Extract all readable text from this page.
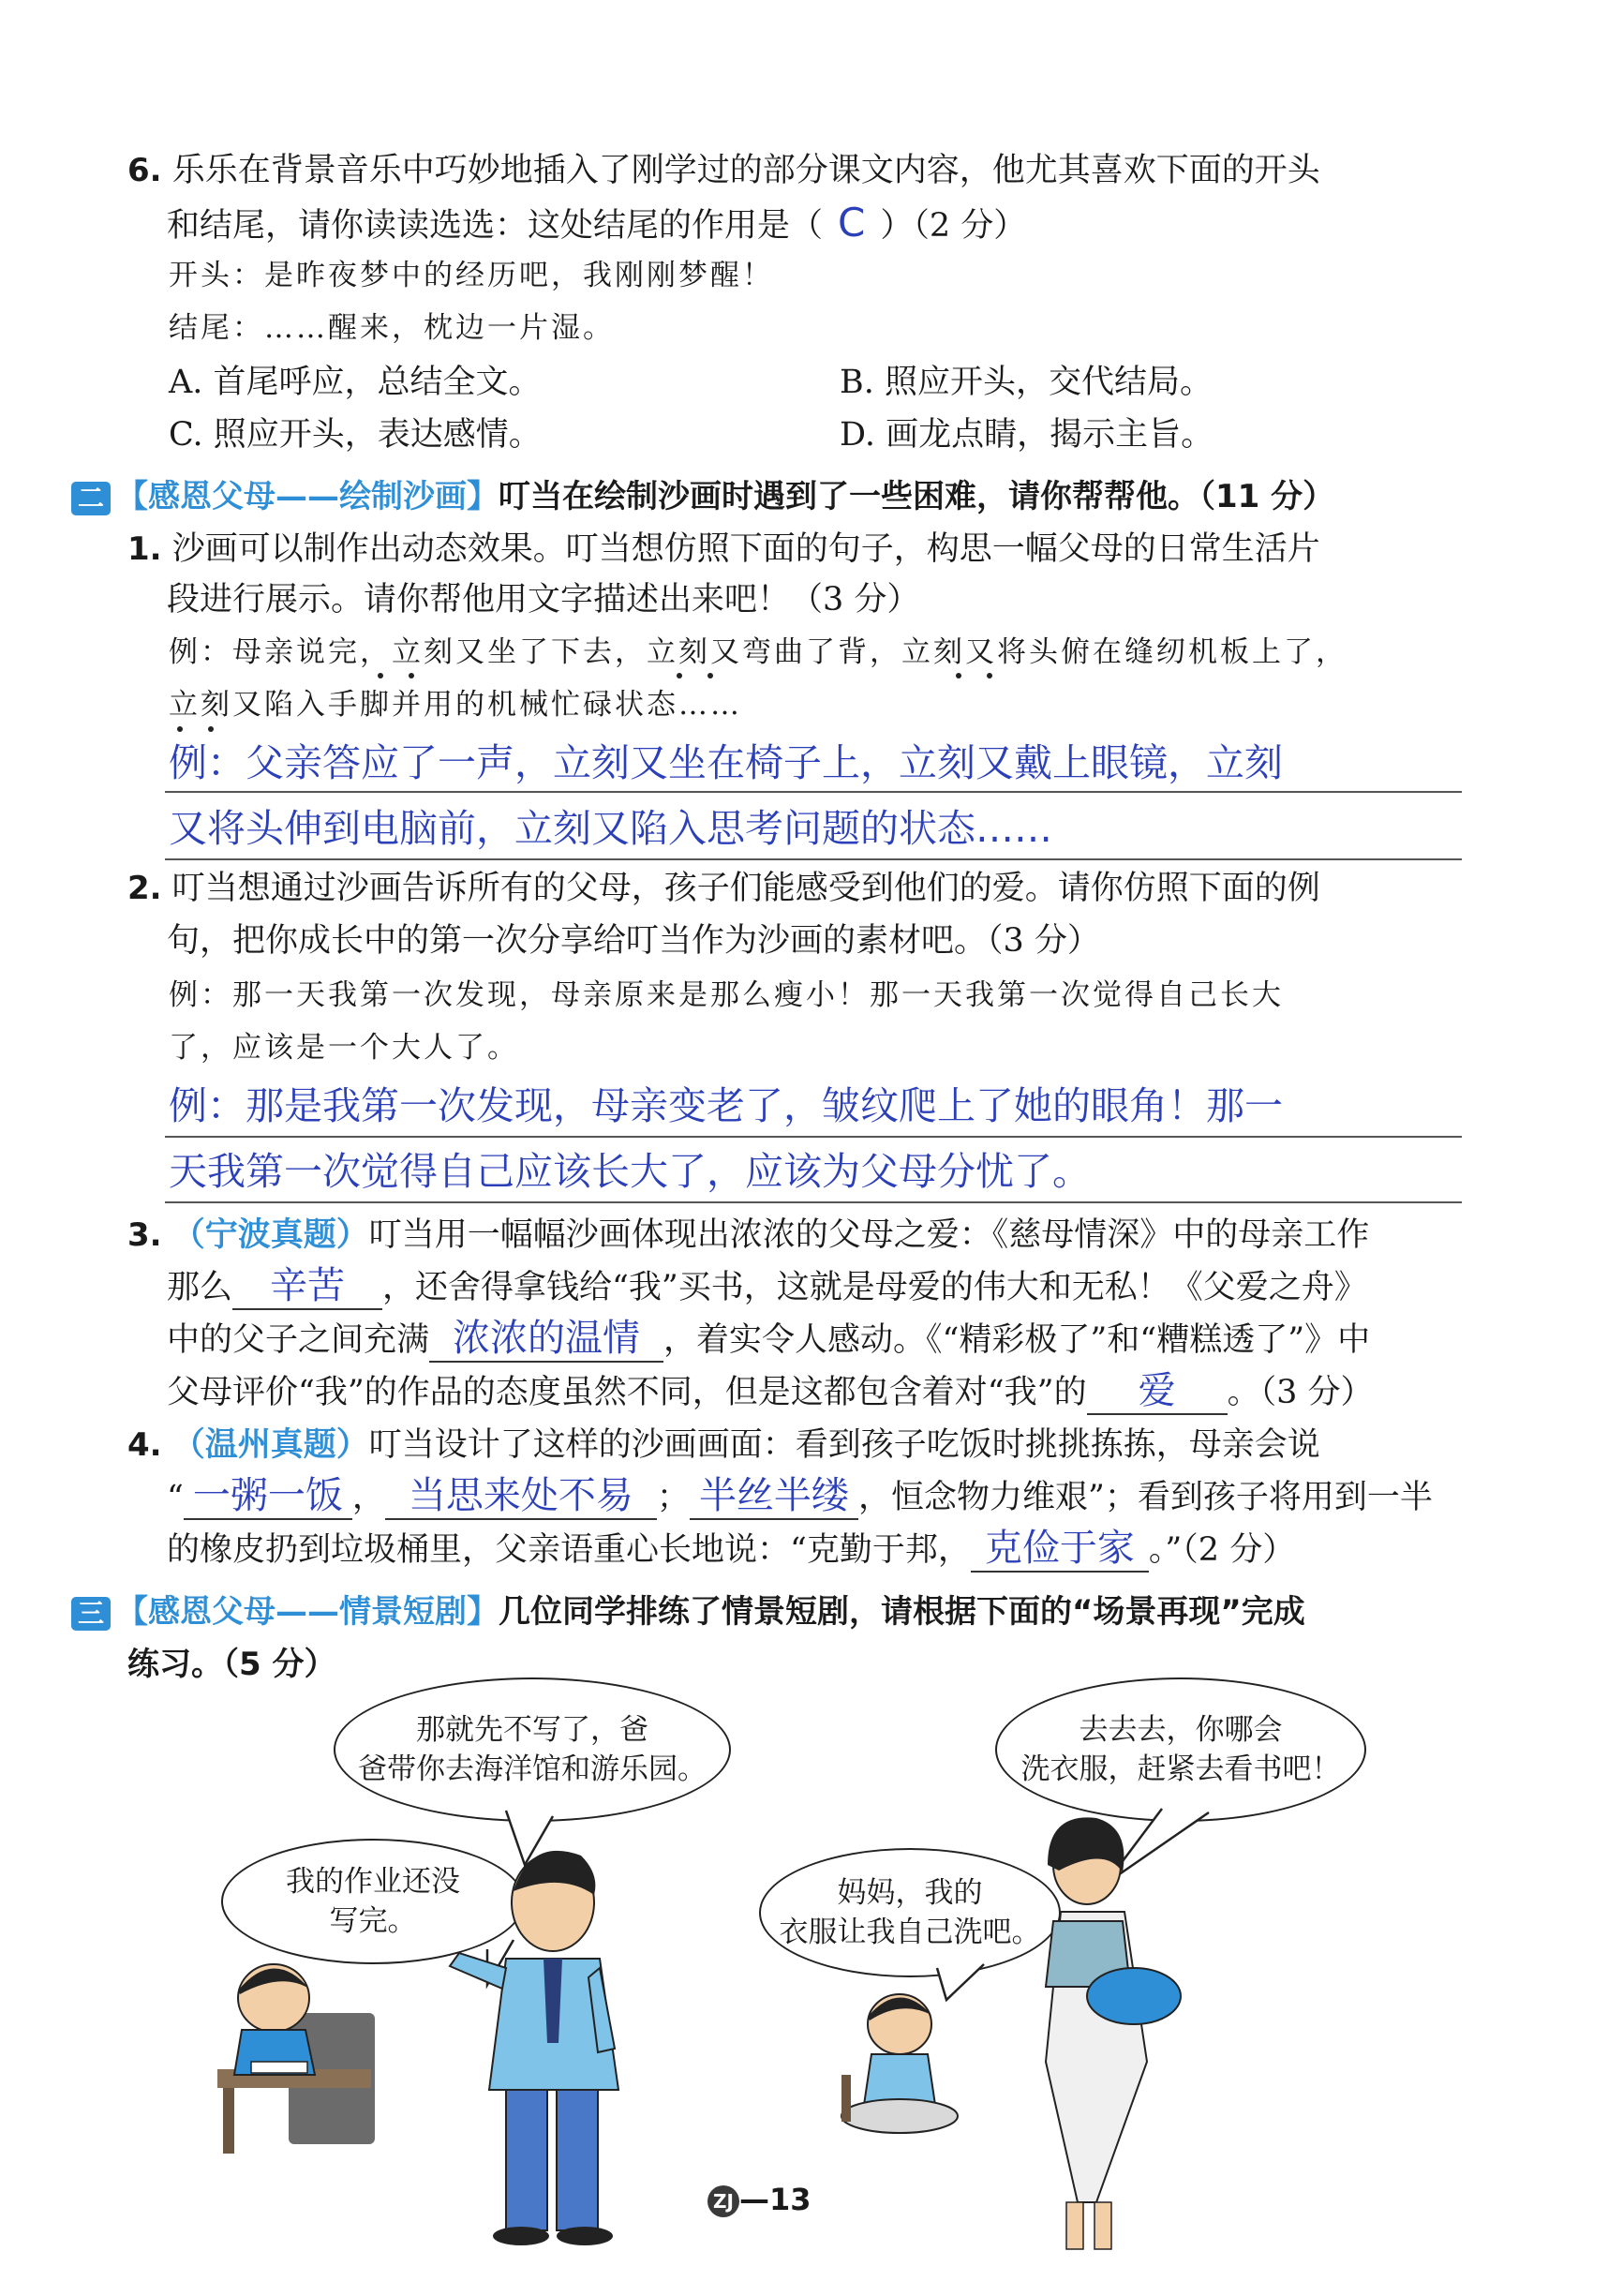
6. 乐乐在背景音乐中巧妙地插入了刚学过的部分课文内容，他尤其喜欢下面的开头
和结尾，请你读读选选：这处结尾的作用是（ C ）（2 分）
开头：是昨夜梦中的经历吧，我刚刚梦醒！
结尾：……醒来，枕边一片湿。
A. 首尾呼应，总结全文。	B. 照应开头，交代结局。
C. 照应开头，表达感情。	D. 画龙点睛，揭示主旨。
二 【感恩父母——绘制沙画】叮当在绘制沙画时遇到了一些困难，请你帮帮他。（11 分）
1. 沙画可以制作出动态效果。叮当想仿照下面的句子，构思一幅父母的日常生活片
段进行展示。请你帮他用文字描述出来吧！（3 分）
例：母亲说完，立刻又坐了下去，立刻又弯曲了背，立刻又将头俯在缝纫机板上了，
立刻又陷入手脚并用的机械忙碌状态……
例：父亲答应了一声，立刻又坐在椅子上，立刻又戴上眼镜，立刻
又将头伸到电脑前，立刻又陷入思考问题的状态……
2. 叮当想通过沙画告诉所有的父母，孩子们能感受到他们的爱。请你仿照下面的例
句，把你成长中的第一次分享给叮当作为沙画的素材吧。（3 分）
例：那一天我第一次发现，母亲原来是那么瘦小！那一天我第一次觉得自己长大
了，应该是一个大人了。
例：那是我第一次发现，母亲变老了，皱纹爬上了她的眼角！那一
天我第一次觉得自己应该长大了，应该为父母分忧了。
3. （宁波真题）叮当用一幅幅沙画体现出浓浓的父母之爱：《慈母情深》中的母亲工作
那么	辛苦	，还舍得拿钱给“我”买书，这就是母爱的伟大和无私！《父爱之舟》
中的父子之间充满 浓浓的温情 ，着实令人感动。《“精彩极了”和“糟糕透了”》中
父母评价“我”的作品的态度虽然不同，但是这都包含着对“我”的	爱	。（3 分）
4. （温州真题）叮当设计了这样的沙画画面：看到孩子吃饭时挑挑拣拣，母亲会说
“ 一粥一饭 ， 当思来处不易 ； 半丝半缕 ，恒念物力维艰”；看到孩子将用到一半
的橡皮扔到垃圾桶里，父亲语重心长地说：“克勤于邦， 克俭于家 。”（2 分）
三 【感恩父母——情景短剧】几位同学排练了情景短剧，请根据下面的“场景再现”完成
练习。（5 分）
那就先不写了，爸
爸带你去海洋馆和游乐园。
我的作业还没
写完。
去去去，你哪会
洗衣服，赶紧去看书吧！
妈妈，我的
衣服让我自己洗吧。
ZJ —13
